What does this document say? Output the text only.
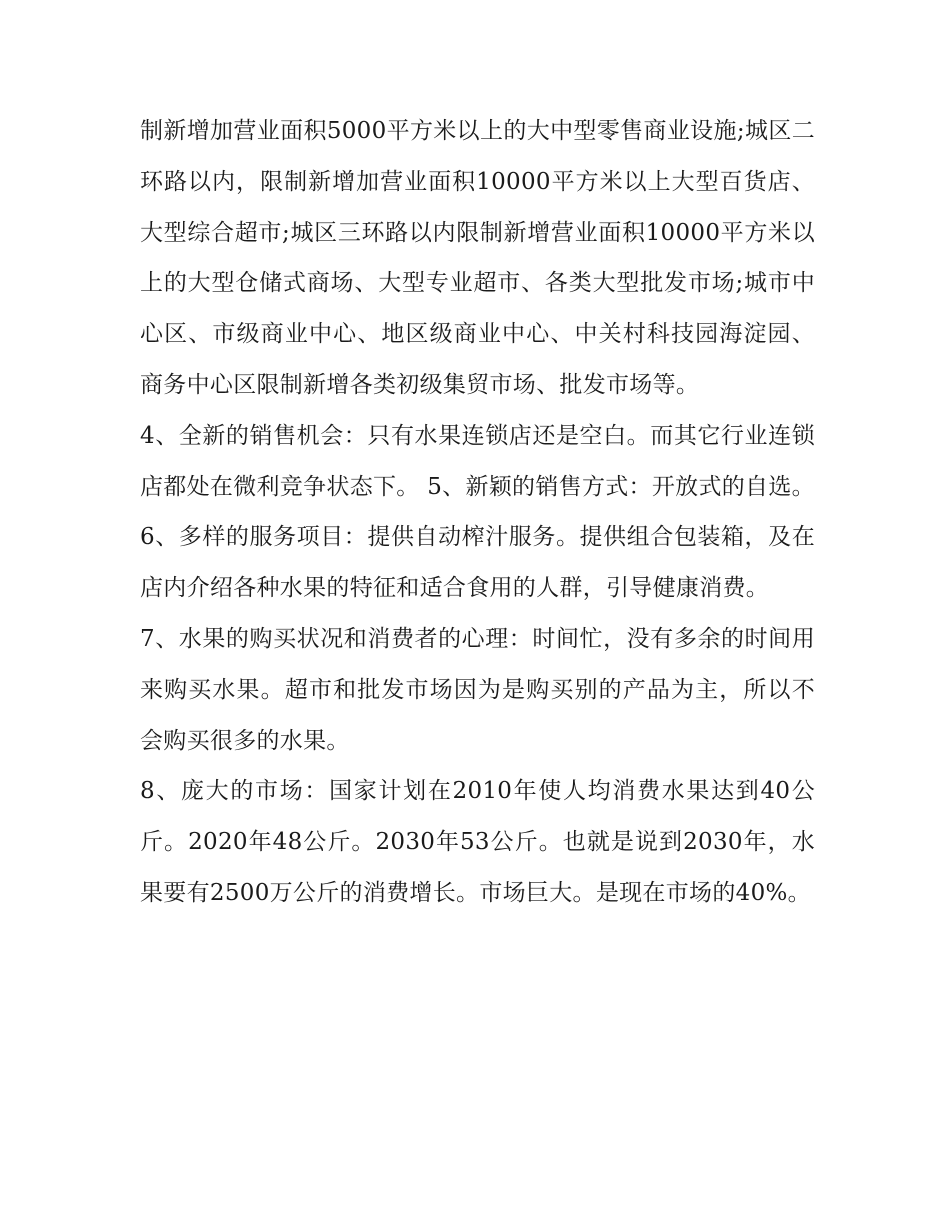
制新增加营业面积5000平方米以上的大中型零售商业设施;城区二环路以内，限制新增加营业面积10000平方米以上大型百货店、大型综合超市;城区三环路以内限制新增营业面积10000平方米以上的大型仓储式商场、大型专业超市、各类大型批发市场;城市中心区、市级商业中心、地区级商业中心、中关村科技园海淀园、商务中心区限制新增各类初级集贸市场、批发市场等。

4、全新的销售机会：只有水果连锁店还是空白。而其它行业连锁店都处在微利竞争状态下。 5、新颖的销售方式：开放式的自选。

6、多样的服务项目：提供自动榨汁服务。提供组合包装箱，及在店内介绍各种水果的特征和适合食用的人群，引导健康消费。

7、水果的购买状况和消费者的心理：时间忙，没有多余的时间用来购买水果。超市和批发市场因为是购买别的产品为主，所以不会购买很多的水果。

8、庞大的市场：国家计划在2010年使人均消费水果达到40公斤。2020年48公斤。2030年53公斤。也就是说到2030年，水果要有2500万公斤的消费增长。市场巨大。是现在市场的40%。
